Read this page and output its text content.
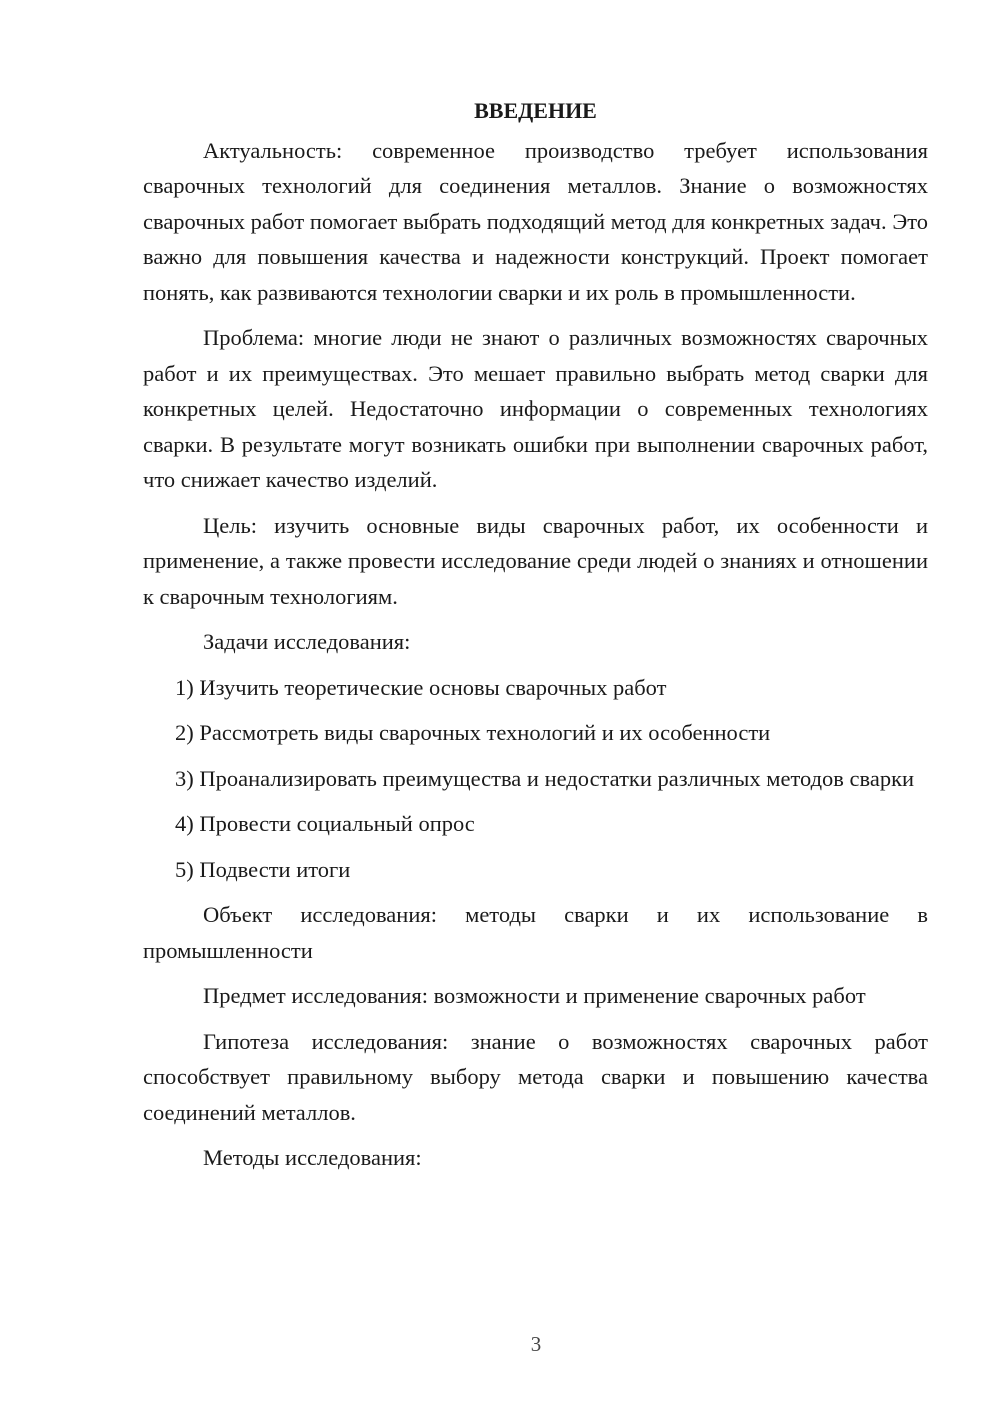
ВВЕДЕНИЕ

Актуальность: современное производство требует использования сварочных технологий для соединения металлов. Знание о возможностях сварочных работ помогает выбрать подходящий метод для конкретных задач. Это важно для повышения качества и надежности конструкций. Проект помогает понять, как развиваются технологии сварки и их роль в промышленности.

Проблема: многие люди не знают о различных возможностях сварочных работ и их преимуществах. Это мешает правильно выбрать метод сварки для конкретных целей. Недостаточно информации о современных технологиях сварки. В результате могут возникать ошибки при выполнении сварочных работ, что снижает качество изделий.

Цель: изучить основные виды сварочных работ, их особенности и применение, а также провести исследование среди людей о знаниях и отношении к сварочным технологиям.

Задачи исследования:

1) Изучить теоретические основы сварочных работ

2) Рассмотреть виды сварочных технологий и их особенности

3) Проанализировать преимущества и недостатки различных методов сварки

4) Провести социальный опрос

5) Подвести итоги

Объект исследования: методы сварки и их использование в промышленности

Предмет исследования: возможности и применение сварочных работ

Гипотеза исследования: знание о возможностях сварочных работ способствует правильному выбору метода сварки и повышению качества соединений металлов.

Методы исследования:

3
